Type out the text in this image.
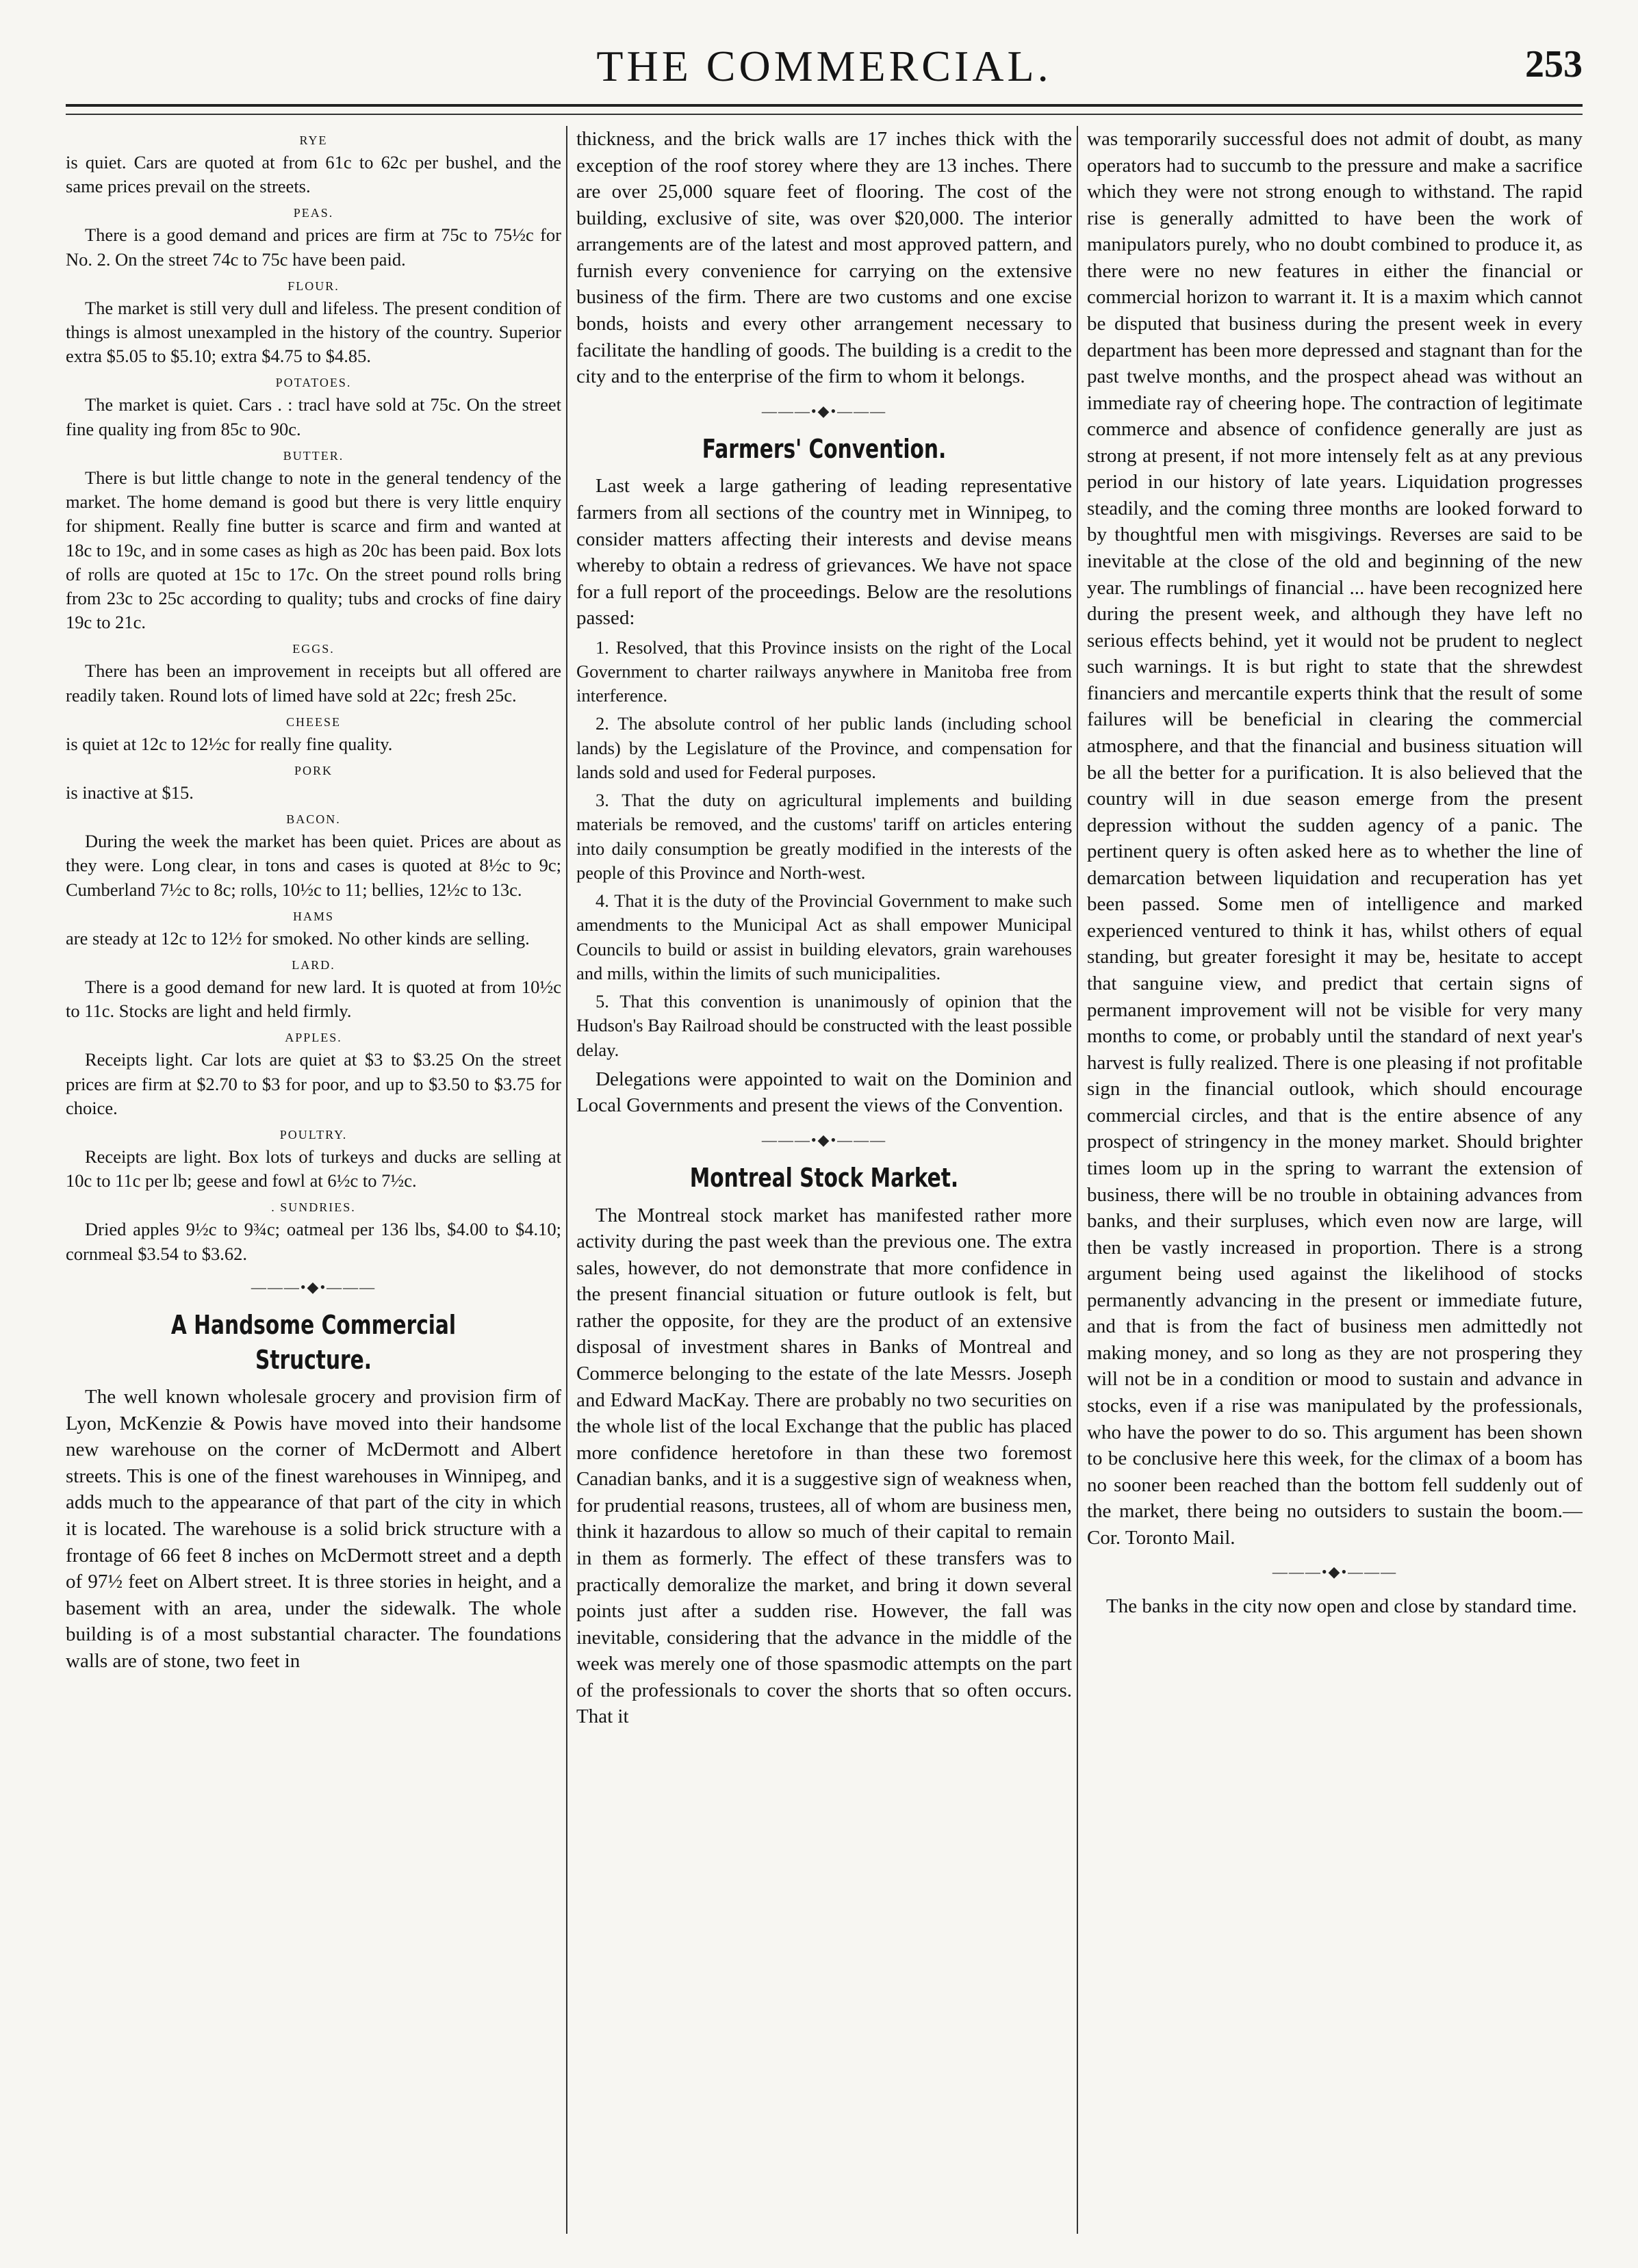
THE COMMERCIAL.	253
RYE

is quiet. Cars are quoted at from 61c to 62c per bushel, and the same prices prevail on the streets.

PEAS.

There is a good demand and prices are firm at 75c to 75½c for No. 2. On the street 74c to 75c have been paid.

FLOUR.

The market is still very dull and lifeless. The present condition of things is almost unexampled in the history of the country. Superior extra $5.05 to $5.10; extra $4.75 to $4.85.

POTATOES.

The market is quiet. Cars . : tracl have sold at 75c. On the street fine quality ing from 85c to 90c.

BUTTER.

There is but little change to note in the general tendency of the market. The home demand is good but there is very little enquiry for shipment. Really fine butter is scarce and firm and wanted at 18c to 19c, and in some cases as high as 20c has been paid. Box lots of rolls are quoted at 15c to 17c. On the street pound rolls bring from 23c to 25c according to quality; tubs and crocks of fine dairy 19c to 21c.

EGGS.

There has been an improvement in receipts but all offered are readily taken. Round lots of limed have sold at 22c; fresh 25c.

CHEESE

is quiet at 12c to 12½c for really fine quality.

PORK

is inactive at $15.

BACON.

During the week the market has been quiet. Prices are about as they were. Long clear, in tons and cases is quoted at 8½c to 9c; Cumberland 7½c to 8c; rolls, 10½c to 11; bellies, 12½c to 13c.

HAMS

are steady at 12c to 12½ for smoked. No other kinds are selling.

LARD.

There is a good demand for new lard. It is quoted at from 10½c to 11c. Stocks are light and held firmly.

APPLES.

Receipts light. Car lots are quiet at $3 to $3.25 On the street prices are firm at $2.70 to $3 for poor, and up to $3.50 to $3.75 for choice.

POULTRY.

Receipts are light. Box lots of turkeys and ducks are selling at 10c to 11c per lb; geese and fowl at 6½c to 7½c.

. SUNDRIES.

Dried apples 9½c to 9¾c; oatmeal per 136 lbs, $4.00 to $4.10; cornmeal $3.54 to $3.62.

———•◆•———
A Handsome Commercial Structure.

The well known wholesale grocery and provision firm of Lyon, McKenzie & Powis have moved into their handsome new warehouse on the corner of McDermott and Albert streets. This is one of the finest warehouses in Winnipeg, and adds much to the appearance of that part of the city in which it is located. The warehouse is a solid brick structure with a frontage of 66 feet 8 inches on McDermott street and a depth of 97½ feet on Albert street. It is three stories in height, and a basement with an area, under the sidewalk. The whole building is of a most substantial character. The foundations walls are of stone, two feet in

thickness, and the brick walls are 17 inches thick with the exception of the roof storey where they are 13 inches. There are over 25,000 square feet of flooring. The cost of the building, exclusive of site, was over $20,000. The interior arrangements are of the latest and most approved pattern, and furnish every convenience for carrying on the extensive business of the firm. There are two customs and one excise bonds, hoists and every other arrangement necessary to facilitate the handling of goods. The building is a credit to the city and to the enterprise of the firm to whom it belongs.

———•◆•———
Farmers' Convention.

Last week a large gathering of leading representative farmers from all sections of the country met in Winnipeg, to consider matters affecting their interests and devise means whereby to obtain a redress of grievances. We have not space for a full report of the proceedings. Below are the resolutions passed:

1. Resolved, that this Province insists on the right of the Local Government to charter railways anywhere in Manitoba free from interference.

2. The absolute control of her public lands (including school lands) by the Legislature of the Province, and compensation for lands sold and used for Federal purposes.

3. That the duty on agricultural implements and building materials be removed, and the customs' tariff on articles entering into daily consumption be greatly modified in the interests of the people of this Province and North-west.

4. That it is the duty of the Provincial Government to make such amendments to the Municipal Act as shall empower Municipal Councils to build or assist in building elevators, grain warehouses and mills, within the limits of such municipalities.

5. That this convention is unanimously of opinion that the Hudson's Bay Railroad should be constructed with the least possible delay.

Delegations were appointed to wait on the Dominion and Local Governments and present the views of the Convention.

———•◆•———
Montreal Stock Market.

The Montreal stock market has manifested rather more activity during the past week than the previous one. The extra sales, however, do not demonstrate that more confidence in the present financial situation or future outlook is felt, but rather the opposite, for they are the product of an extensive disposal of investment shares in Banks of Montreal and Commerce belonging to the estate of the late Messrs. Joseph and Edward MacKay. There are probably no two securities on the whole list of the local Exchange that the public has placed more confidence heretofore in than these two foremost Canadian banks, and it is a suggestive sign of weakness when, for prudential reasons, trustees, all of whom are business men, think it hazardous to allow so much of their capital to remain in them as formerly. The effect of these transfers was to practically demoralize the market, and bring it down several points just after a sudden rise. However, the fall was inevitable, considering that the advance in the middle of the week was merely one of those spasmodic attempts on the part of the professionals to cover the shorts that so often occurs. That it

was temporarily successful does not admit of doubt, as many operators had to succumb to the pressure and make a sacrifice which they were not strong enough to withstand. The rapid rise is generally admitted to have been the work of manipulators purely, who no doubt combined to produce it, as there were no new features in either the financial or commercial horizon to warrant it. It is a maxim which cannot be disputed that business during the present week in every department has been more depressed and stagnant than for the past twelve months, and the prospect ahead was without an immediate ray of cheering hope. The contraction of legitimate commerce and absence of confidence generally are just as strong at present, if not more intensely felt as at any previous period in our history of late years. Liquidation progresses steadily, and the coming three months are looked forward to by thoughtful men with misgivings. Reverses are said to be inevitable at the close of the old and beginning of the new year. The rumblings of financial ... have been recognized here during the present week, and although they have left no serious effects behind, yet it would not be prudent to neglect such warnings. It is but right to state that the shrewdest financiers and mercantile experts think that the result of some failures will be beneficial in clearing the commercial atmosphere, and that the financial and business situation will be all the better for a purification. It is also believed that the country will in due season emerge from the present depression without the sudden agency of a panic. The pertinent query is often asked here as to whether the line of demarcation between liquidation and recuperation has yet been passed. Some men of intelligence and marked experienced ventured to think it has, whilst others of equal standing, but greater foresight it may be, hesitate to accept that sanguine view, and predict that certain signs of permanent improvement will not be visible for very many months to come, or probably until the standard of next year's harvest is fully realized. There is one pleasing if not profitable sign in the financial outlook, which should encourage commercial circles, and that is the entire absence of any prospect of stringency in the money market. Should brighter times loom up in the spring to warrant the extension of business, there will be no trouble in obtaining advances from banks, and their surpluses, which even now are large, will then be vastly increased in proportion. There is a strong argument being used against the likelihood of stocks permanently advancing in the present or immediate future, and that is from the fact of business men admittedly not making money, and so long as they are not prospering they will not be in a condition or mood to sustain and advance in stocks, even if a rise was manipulated by the professionals, who have the power to do so. This argument has been shown to be conclusive here this week, for the climax of a boom has no sooner been reached than the bottom fell suddenly out of the market, there being no outsiders to sustain the boom.—Cor. Toronto Mail.

———•◆•———

The banks in the city now open and close by standard time.
